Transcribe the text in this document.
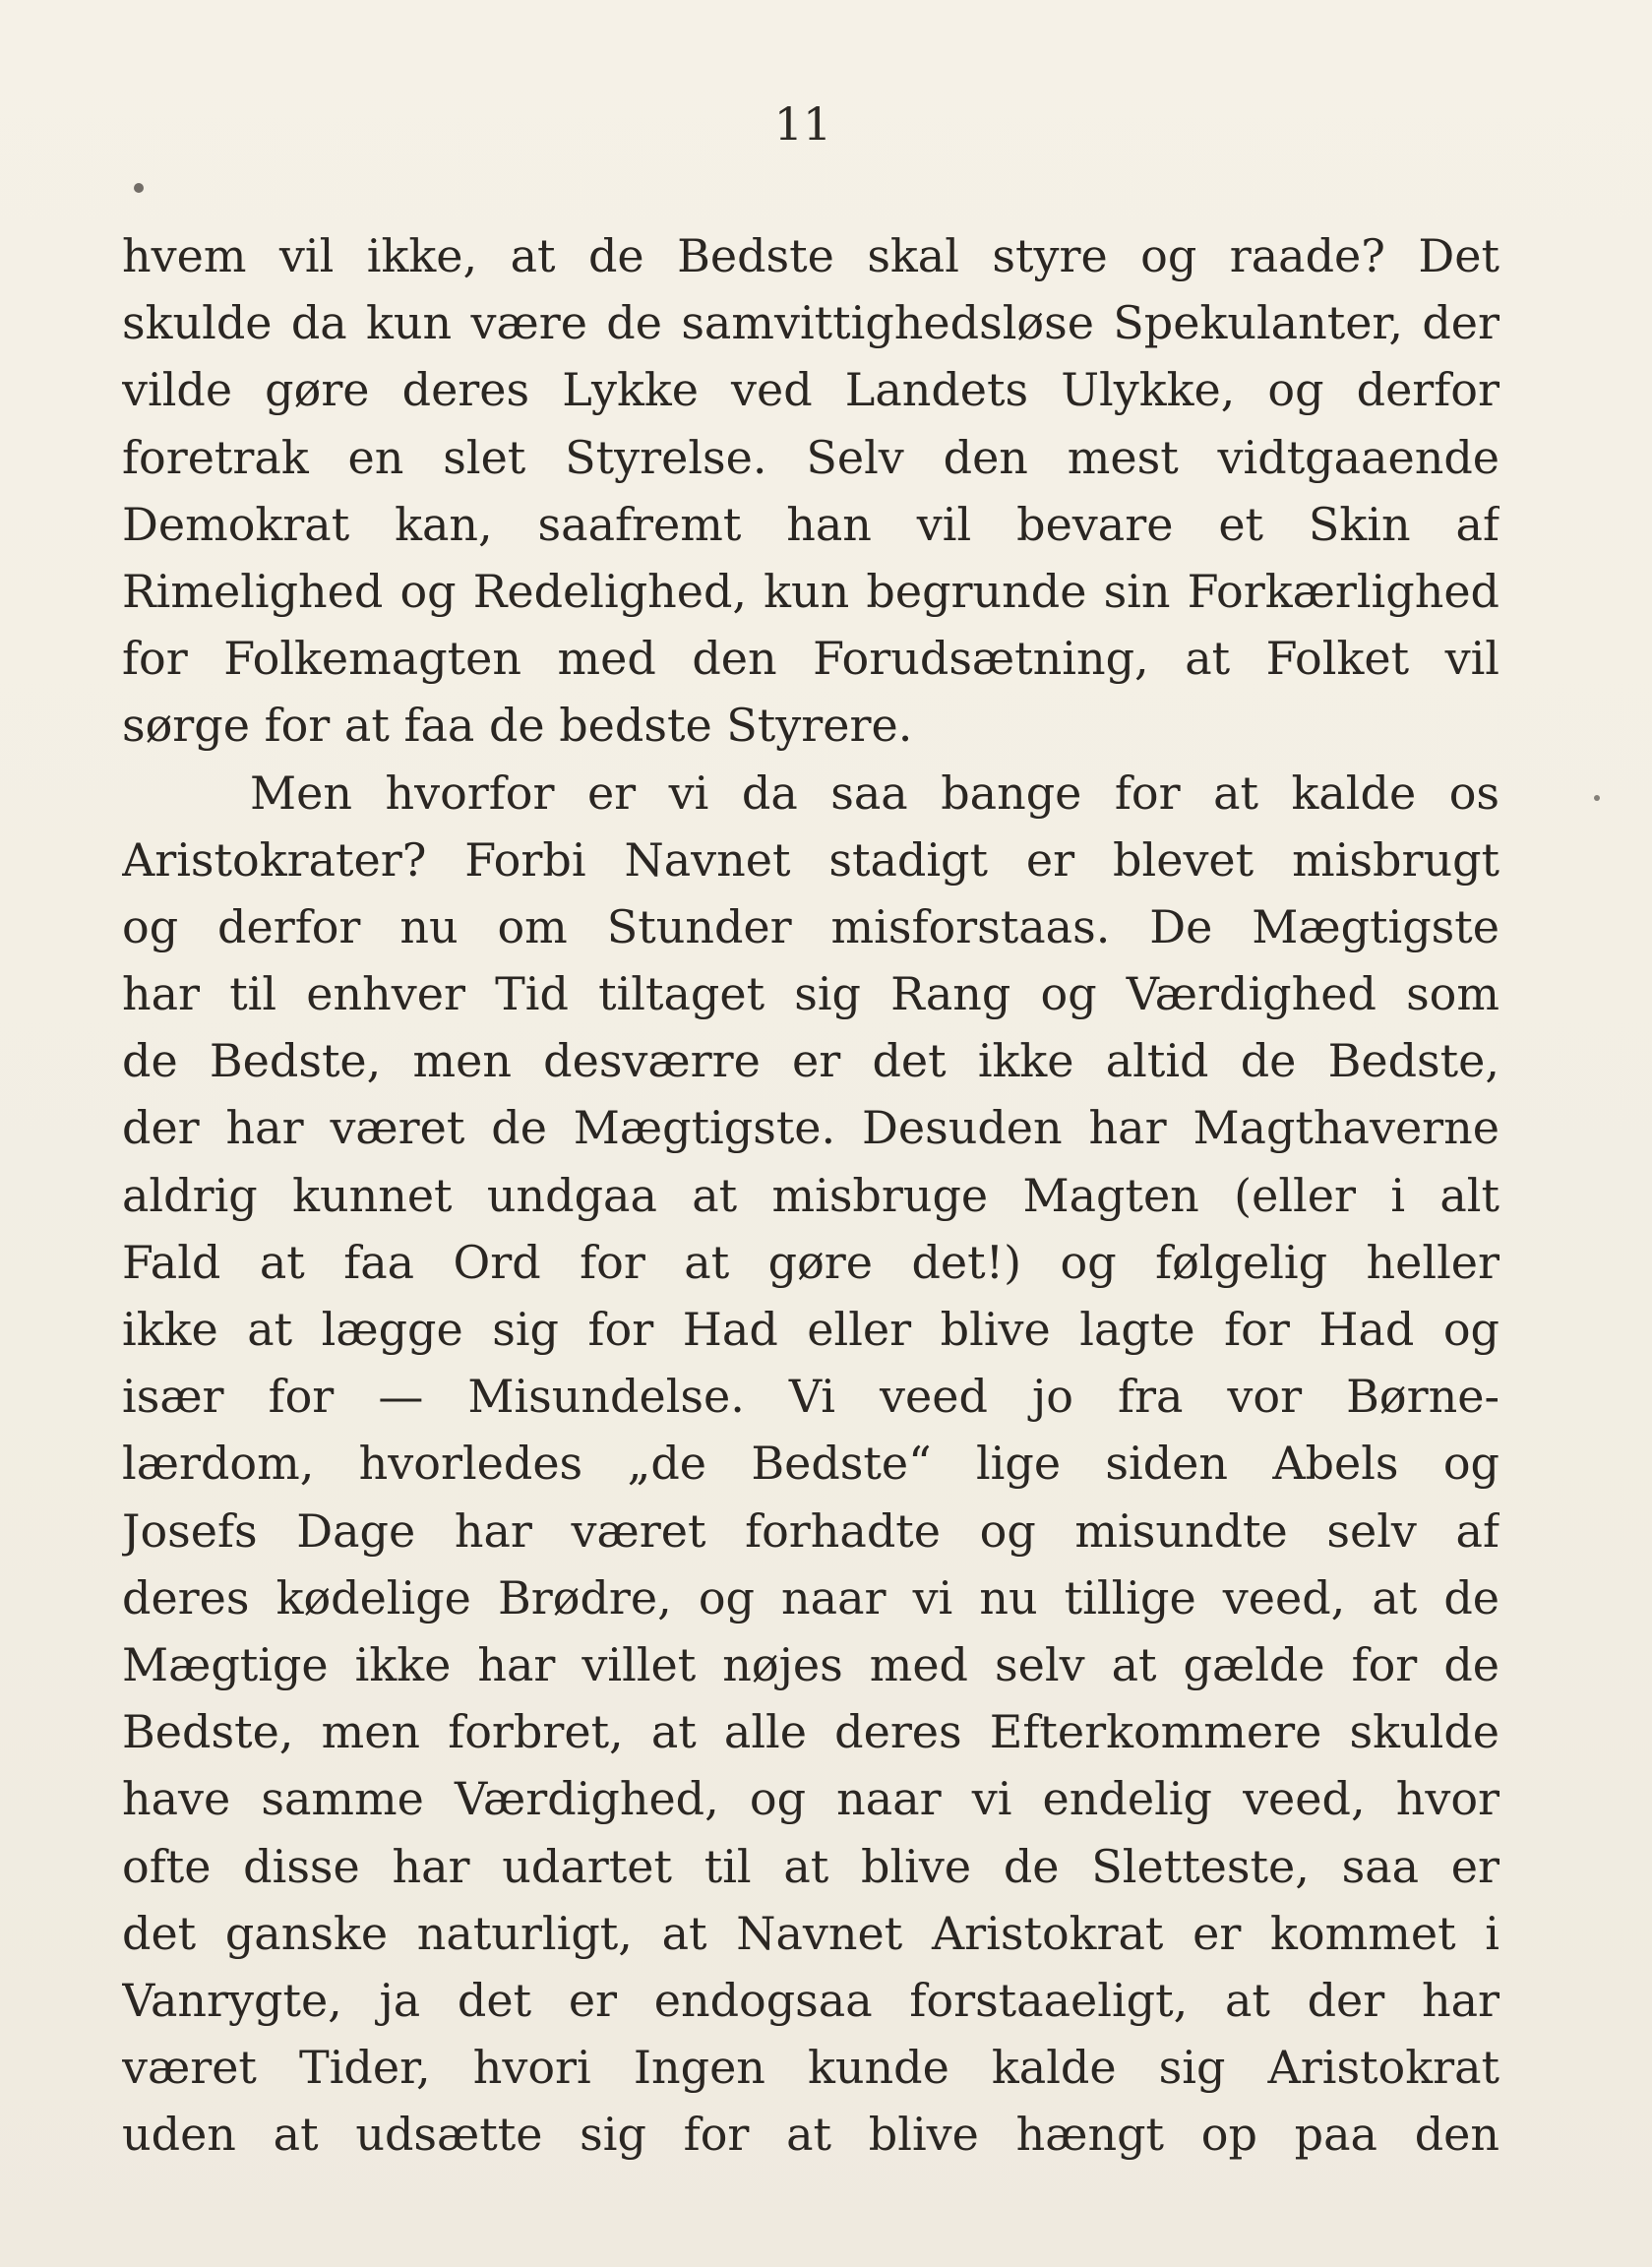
11
hvem vil ikke, at de Bedste skal styre og raade? Det
skulde da kun være de samvittighedsløse Spekulanter, der
vilde gøre deres Lykke ved Landets Ulykke, og derfor
foretrak en slet Styrelse. Selv den mest vidtgaaende
Demokrat kan, saafremt han vil bevare et Skin af
Rimelighed og Redelighed, kun begrunde sin Forkærlighed
for Folkemagten med den Forudsætning, at Folket vil
sørge for at faa de bedste Styrere.
Men hvorfor er vi da saa bange for at kalde os
Aristokrater? Forbi Navnet stadigt er blevet misbrugt
og derfor nu om Stunder misforstaas. De Mægtigste
har til enhver Tid tiltaget sig Rang og Værdighed som
de Bedste, men desværre er det ikke altid de Bedste,
der har været de Mægtigste. Desuden har Magthaverne
aldrig kunnet undgaa at misbruge Magten (eller i alt
Fald at faa Ord for at gøre det!) og følgelig heller
ikke at lægge sig for Had eller blive lagte for Had og
især for — Misundelse. Vi veed jo fra vor Børne-
lærdom, hvorledes „de Bedste“ lige siden Abels og
Josefs Dage har været forhadte og misundte selv af
deres kødelige Brødre, og naar vi nu tillige veed, at de
Mægtige ikke har villet nøjes med selv at gælde for de
Bedste, men forbret, at alle deres Efterkommere skulde
have samme Værdighed, og naar vi endelig veed, hvor
ofte disse har udartet til at blive de Sletteste, saa er
det ganske naturligt, at Navnet Aristokrat er kommet i
Vanrygte, ja det er endogsaa forstaaeligt, at der har
været Tider, hvori Ingen kunde kalde sig Aristokrat
uden at udsætte sig for at blive hængt op paa den
